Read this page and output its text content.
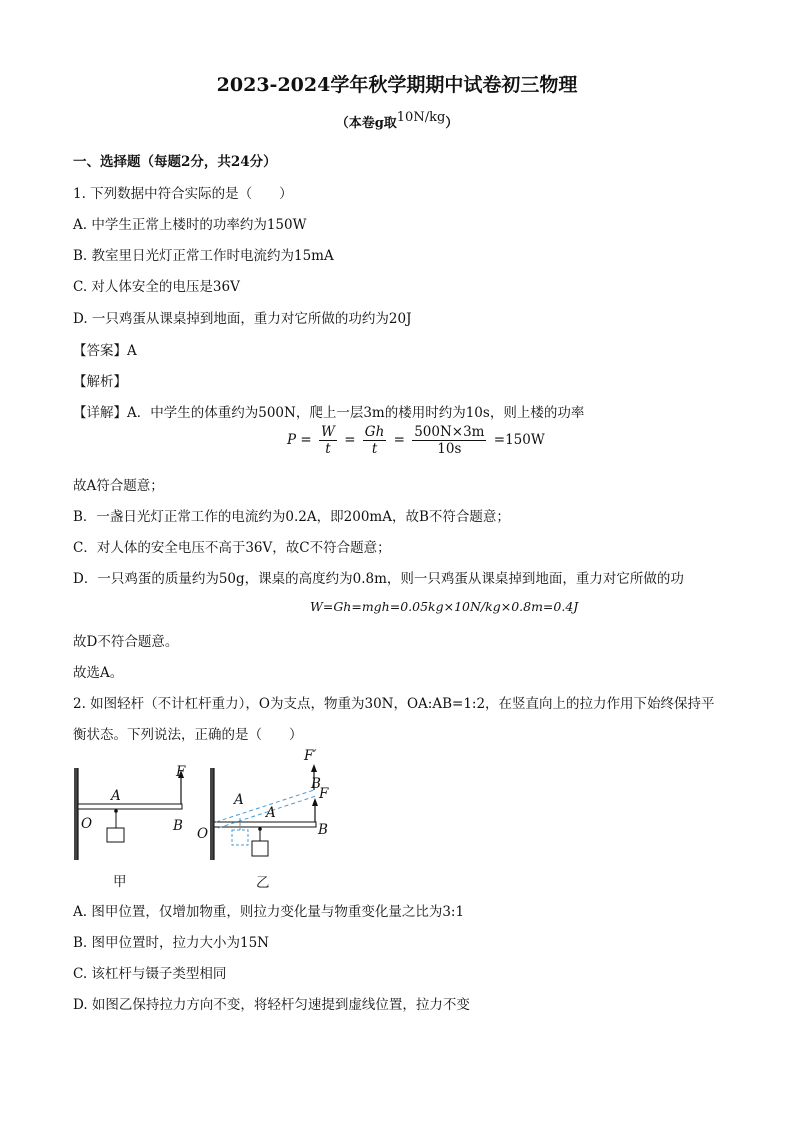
2023-2024学年秋学期期中试卷初三物理
（本卷g取10N/kg）
一、选择题（每题2分，共24分）
1. 下列数据中符合实际的是（　　）
A. 中学生正常上楼时的功率约为150W
B. 教室里日光灯正常工作时电流约为15mA
C. 对人体安全的电压是36V
D. 一只鸡蛋从课桌掉到地面，重力对它所做的功约为20J
【答案】A
【解析】
【详解】A．中学生的体重约为500N，爬上一层3m的楼用时约为10s，则上楼的功率
$P = \frac{W}{t} = \frac{Gh}{t} = \frac{500N\times 3m}{10s} =150W$
故A符合题意；
B．一盏日光灯正常工作的电流约为0.2A，即200mA，故B不符合题意；
C．对人体的安全电压不高于36V，故C不符合题意；
D．一只鸡蛋的质量约为50g，课桌的高度约为0.8m，则一只鸡蛋从课桌掉到地面，重力对它所做的功
W=Gh=mgh=0.05kg×10N/kg×0.8m=0.4J
故D不符合题意。
故选A。
2. 如图轻杆（不计杠杆重力），O为支点，物重为30N，OA:AB=1:2，在竖直向上的拉力作用下始终保持平
衡状态。下列说法，正确的是（　　）
F
A
O	B
甲
F′
B
F
A
A
O	B
乙
A. 图甲位置，仅增加物重，则拉力变化量与物重变化量之比为3:1
B. 图甲位置时，拉力大小为15N
C. 该杠杆与镊子类型相同
D. 如图乙保持拉力方向不变，将轻杆匀速提到虚线位置，拉力不变
